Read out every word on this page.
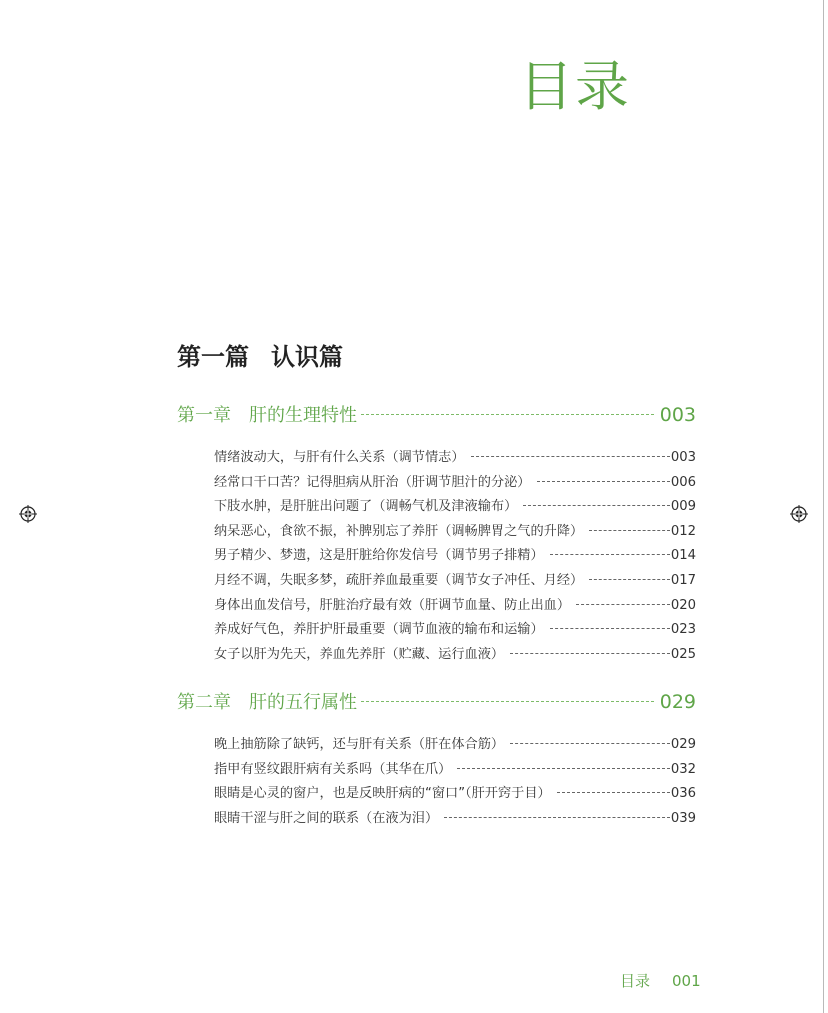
目录
第一篇 认识篇
第一章 肝的生理特性	003
情绪波动大，与肝有什么关系（调节情志）	003
经常口干口苦？记得胆病从肝治（肝调节胆汁的分泌）	006
下肢水肿，是肝脏出问题了（调畅气机及津液输布）	009
纳呆恶心，食欲不振，补脾别忘了养肝（调畅脾胃之气的升降）	012
男子精少、梦遗，这是肝脏给你发信号（调节男子排精）	014
月经不调，失眠多梦，疏肝养血最重要（调节女子冲任、月经）	017
身体出血发信号，肝脏治疗最有效（肝调节血量、防止出血）	020
养成好气色，养肝护肝最重要（调节血液的输布和运输）	023
女子以肝为先天，养血先养肝（贮藏、运行血液）	025
第二章 肝的五行属性	029
晚上抽筋除了缺钙，还与肝有关系（肝在体合筋）	029
指甲有竖纹跟肝病有关系吗（其华在爪）	032
眼睛是心灵的窗户，也是反映肝病的“窗口”（肝开窍于目）	036
眼睛干涩与肝之间的联系（在液为泪）	039
目录 001
